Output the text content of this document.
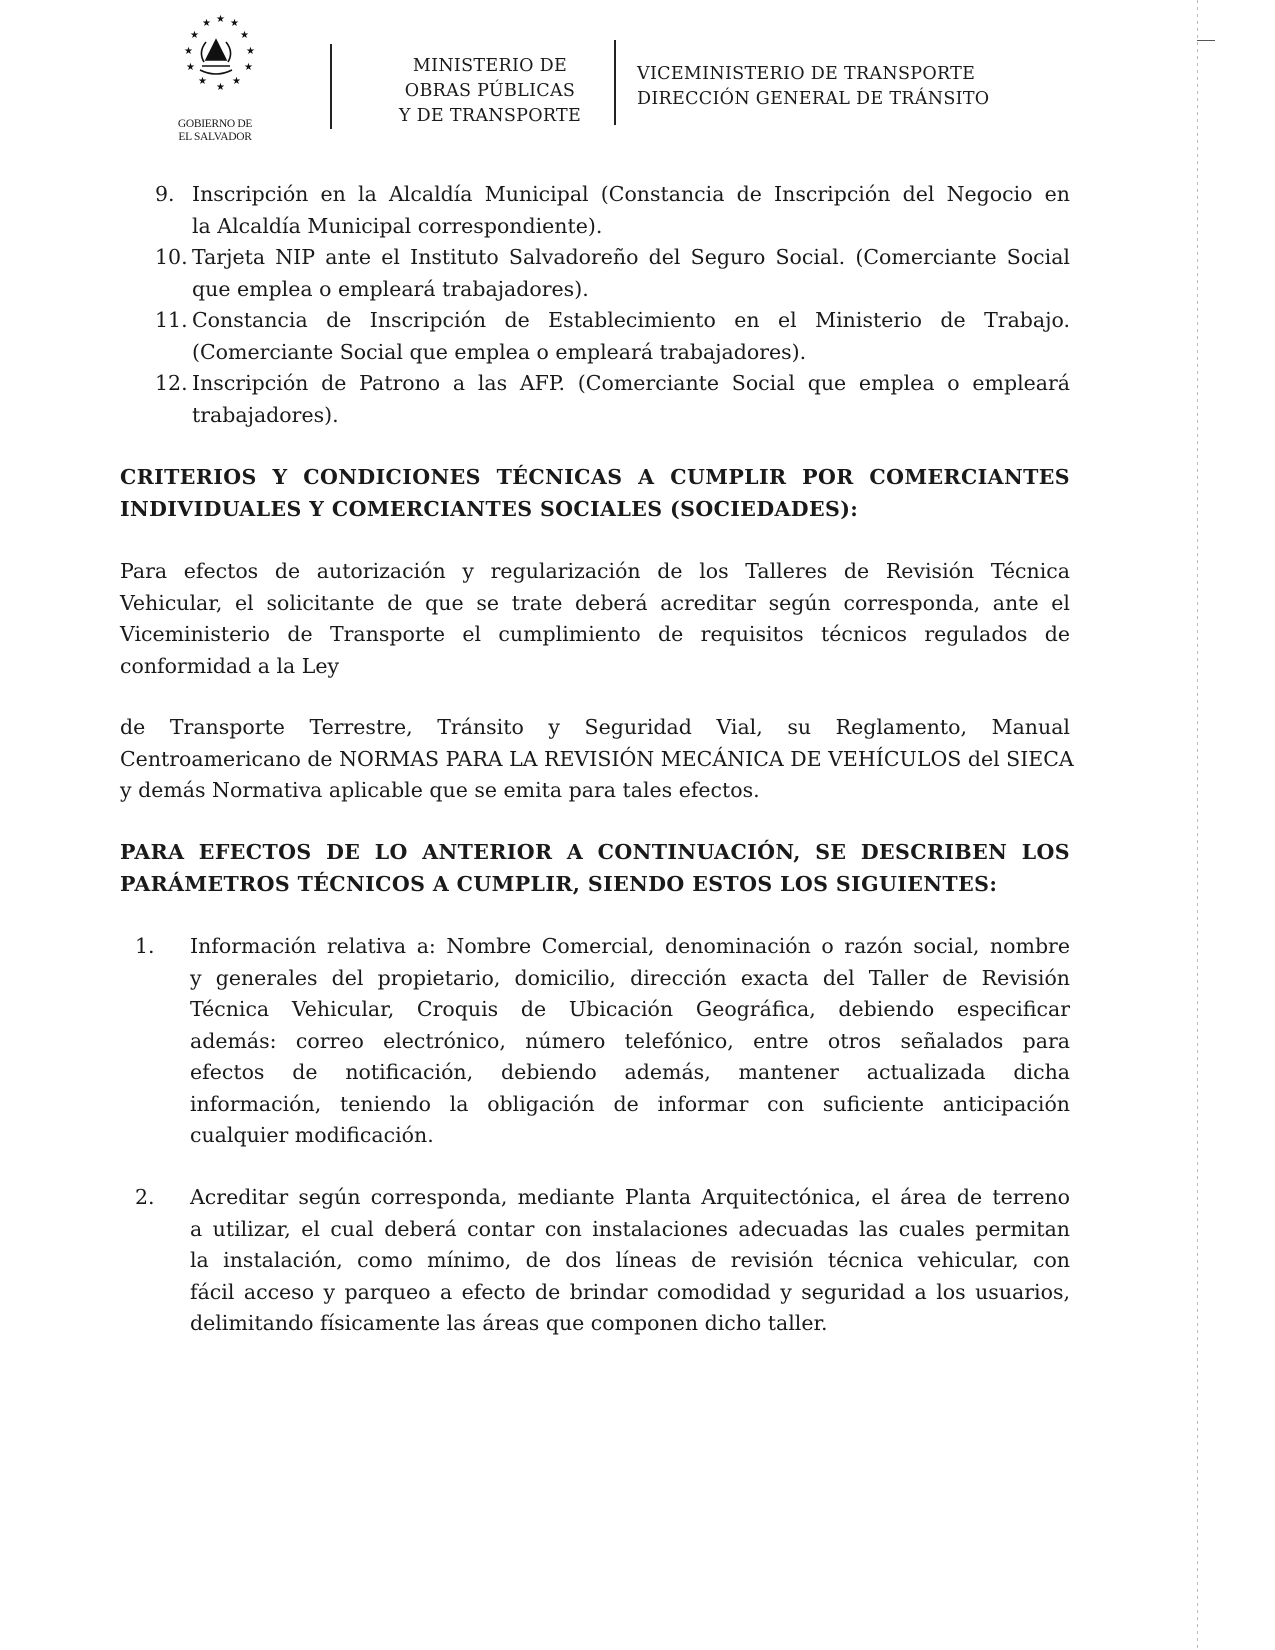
★ ★ ★
★	★
★	★
★	★
★	★
★
GOBIERNO DE
EL SALVADOR
MINISTERIO DE
OBRAS PÚBLICAS
Y DE TRANSPORTE
VICEMINISTERIO DE TRANSPORTE
DIRECCIÓN GENERAL DE TRÁNSITO
9. Inscripción en la Alcaldía Municipal (Constancia de Inscripción del Negocio en
la Alcaldía Municipal correspondiente).
10. Tarjeta NIP ante el Instituto Salvadoreño del Seguro Social. (Comerciante Social
que emplea o empleará trabajadores).
11. Constancia de Inscripción de Establecimiento en el Ministerio de Trabajo.
(Comerciante Social que emplea o empleará trabajadores).
12. Inscripción de Patrono a las AFP. (Comerciante Social que emplea o empleará
trabajadores).
CRITERIOS Y CONDICIONES TÉCNICAS A CUMPLIR POR COMERCIANTES
INDIVIDUALES Y COMERCIANTES SOCIALES (SOCIEDADES):
Para efectos de autorización y regularización de los Talleres de Revisión Técnica
Vehicular, el solicitante de que se trate deberá acreditar según corresponda, ante el
Viceministerio de Transporte el cumplimiento de requisitos técnicos regulados de
conformidad a la Ley
de Transporte Terrestre, Tránsito y Seguridad Vial, su Reglamento, Manual
Centroamericano de NORMAS PARA LA REVISIÓN MECÁNICA DE VEHÍCULOS del SIECA
y demás Normativa aplicable que se emita para tales efectos.
PARA EFECTOS DE LO ANTERIOR A CONTINUACIÓN, SE DESCRIBEN LOS
PARÁMETROS TÉCNICOS A CUMPLIR, SIENDO ESTOS LOS SIGUIENTES:
1. Información relativa a: Nombre Comercial, denominación o razón social, nombre
y generales del propietario, domicilio, dirección exacta del Taller de Revisión
Técnica Vehicular, Croquis de Ubicación Geográfica, debiendo especificar
además: correo electrónico, número telefónico, entre otros señalados para
efectos de notificación, debiendo además, mantener actualizada dicha
información, teniendo la obligación de informar con suficiente anticipación
cualquier modificación.
2. Acreditar según corresponda, mediante Planta Arquitectónica, el área de terreno
a utilizar, el cual deberá contar con instalaciones adecuadas las cuales permitan
la instalación, como mínimo, de dos líneas de revisión técnica vehicular, con
fácil acceso y parqueo a efecto de brindar comodidad y seguridad a los usuarios,
delimitando físicamente las áreas que componen dicho taller.
